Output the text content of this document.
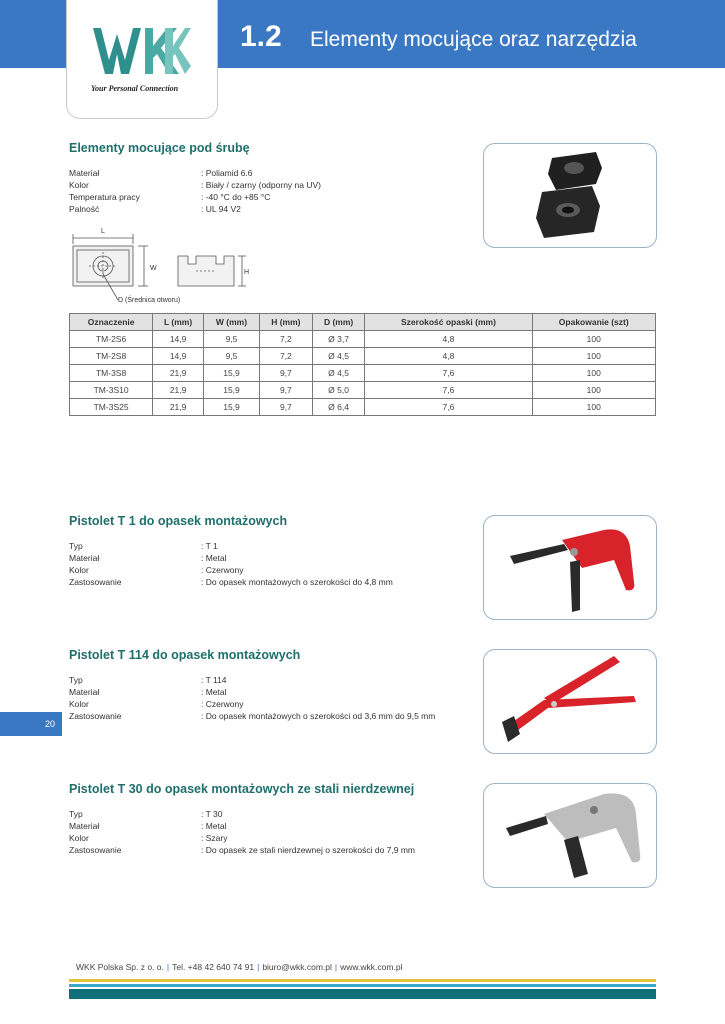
Your Personal Connection
1.2 Elementy mocujące oraz narzędzia
Elementy mocujące pod śrubę
Materiał	: Poliamid 6.6
Kolor	: Biały / czarny (odporny na UV)
Temperatura pracy	: -40 °C do +85 °C
Palność	: UL 94 V2
L
W
H
D (Średnica otworu)
Oznaczenie	L (mm)	W (mm)	H (mm)	D (mm)	Szerokość opaski (mm)	Opakowanie (szt)
TM-2S6	14,9	9,5	7,2	Ø 3,7	4,8	100
TM-2S8	14,9	9,5	7,2	Ø 4,5	4,8	100
TM-3S8	21,9	15,9	9,7	Ø 4,5	7,6	100
TM-3S10	21,9	15,9	9,7	Ø 5,0	7,6	100
TM-3S25	21,9	15,9	9,7	Ø 6,4	7,6	100
Pistolet T 1 do opasek montażowych
Typ	: T 1
Materiał	: Metal
Kolor	: Czerwony
Zastosowanie	: Do opasek montażowych o szerokości do 4,8 mm
Pistolet T 114 do opasek montażowych
Typ	: T 114
Materiał	: Metal
Kolor	: Czerwony
Zastosowanie	: Do opasek montażowych o szerokości od 3,6 mm do 9,5 mm
Pistolet T 30 do opasek montażowych ze stali nierdzewnej
Typ	: T 30
Materiał	: Metal
Kolor	: Szary
Zastosowanie	: Do opasek ze stali nierdzewnej o szerokości do 7,9 mm
20
WKK Polska Sp. z o. o. | Tel. +48 42 640 74 91 | biuro@wkk.com.pl | www.wkk.com.pl
